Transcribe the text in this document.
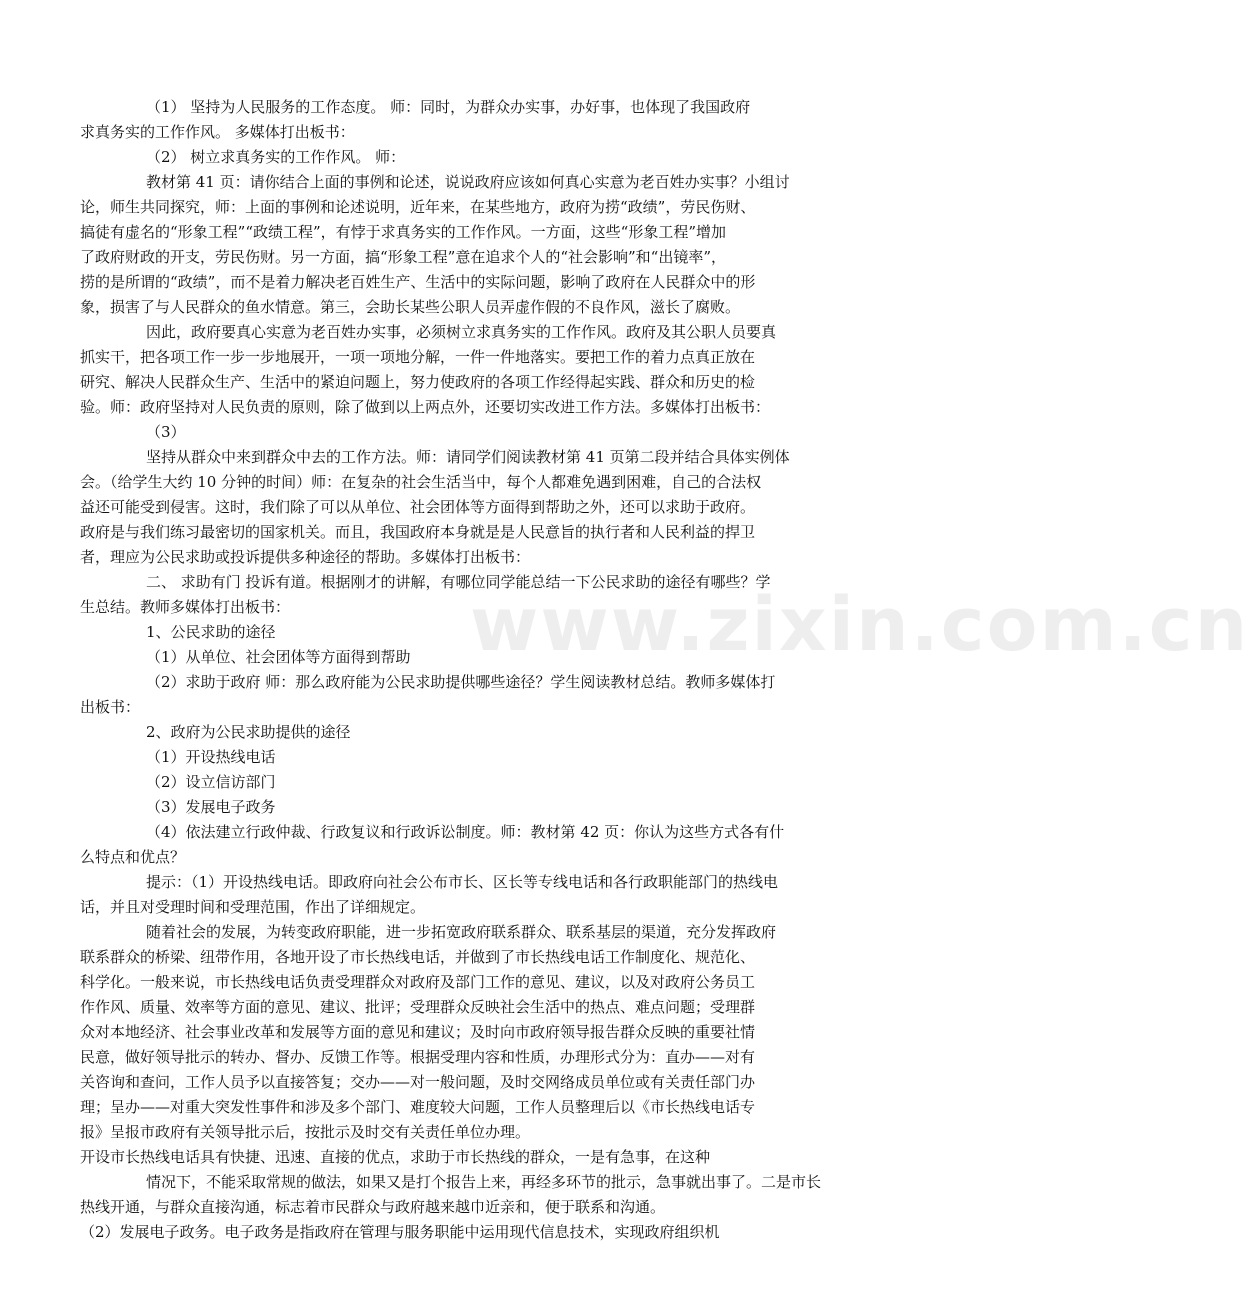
www.zixin.com.cn
（1） 坚持为人民服务的工作态度。 师：同时，为群众办实事，办好事，也体现了我国政府
求真务实的工作作风。 多媒体打出板书：
（2） 树立求真务实的工作作风。 师：
教材第 41 页：请你结合上面的事例和论述，说说政府应该如何真心实意为老百姓办实事？小组讨
论，师生共同探究，师：上面的事例和论述说明，近年来，在某些地方，政府为捞“政绩”，劳民伤财、
搞徒有虚名的“形象工程”“政绩工程”，有悖于求真务实的工作作风。一方面，这些“形象工程”增加
了政府财政的开支，劳民伤财。另一方面，搞“形象工程”意在追求个人的“社会影响”和“出镜率”，
捞的是所谓的“政绩”，而不是着力解决老百姓生产、生活中的实际问题，影响了政府在人民群众中的形
象，损害了与人民群众的鱼水情意。第三，会助长某些公职人员弄虚作假的不良作风，滋长了腐败。
因此，政府要真心实意为老百姓办实事，必须树立求真务实的工作作风。政府及其公职人员要真
抓实干，把各项工作一步一步地展开，一项一项地分解，一件一件地落实。要把工作的着力点真正放在
研究、解决人民群众生产、生活中的紧迫问题上，努力使政府的各项工作经得起实践、群众和历史的检
验。师：政府坚持对人民负责的原则，除了做到以上两点外，还要切实改进工作方法。多媒体打出板书：
（3）
坚持从群众中来到群众中去的工作方法。师：请同学们阅读教材第 41 页第二段并结合具体实例体
会。（给学生大约 10 分钟的时间）师：在复杂的社会生活当中，每个人都难免遇到困难，自己的合法权
益还可能受到侵害。这时，我们除了可以从单位、社会团体等方面得到帮助之外，还可以求助于政府。
政府是与我们练习最密切的国家机关。而且，我国政府本身就是是人民意旨的执行者和人民利益的捍卫
者，理应为公民求助或投诉提供多种途径的帮助。多媒体打出板书：
二、 求助有门 投诉有道。根据刚才的讲解，有哪位同学能总结一下公民求助的途径有哪些？学
生总结。教师多媒体打出板书：
1、公民求助的途径
（1）从单位、社会团体等方面得到帮助
（2）求助于政府 师：那么政府能为公民求助提供哪些途径？学生阅读教材总结。教师多媒体打
出板书：
2、政府为公民求助提供的途径
（1）开设热线电话
（2）设立信访部门
（3）发展电子政务
（4）依法建立行政仲裁、行政复议和行政诉讼制度。师：教材第 42 页：你认为这些方式各有什
么特点和优点？
提示：（1）开设热线电话。即政府向社会公布市长、区长等专线电话和各行政职能部门的热线电
话，并且对受理时间和受理范围，作出了详细规定。
随着社会的发展，为转变政府职能，进一步拓宽政府联系群众、联系基层的渠道，充分发挥政府
联系群众的桥梁、纽带作用，各地开设了市长热线电话，并做到了市长热线电话工作制度化、规范化、
科学化。一般来说，市长热线电话负责受理群众对政府及部门工作的意见、建议，以及对政府公务员工
作作风、质量、效率等方面的意见、建议、批评；受理群众反映社会生活中的热点、难点问题；受理群
众对本地经济、社会事业改革和发展等方面的意见和建议；及时向市政府领导报告群众反映的重要社情
民意，做好领导批示的转办、督办、反馈工作等。根据受理内容和性质，办理形式分为：直办——对有
关咨询和查问，工作人员予以直接答复；交办——对一般问题，及时交网络成员单位或有关责任部门办
理；呈办——对重大突发性事件和涉及多个部门、难度较大问题，工作人员整理后以《市长热线电话专
报》呈报市政府有关领导批示后，按批示及时交有关责任单位办理。
开设市长热线电话具有快捷、迅速、直接的优点，求助于市长热线的群众，一是有急事，在这种
情况下，不能采取常规的做法，如果又是打个报告上来，再经多环节的批示，急事就出事了。二是市长
热线开通，与群众直接沟通，标志着市民群众与政府越来越巾近亲和，便于联系和沟通。
（2）发展电子政务。电子政务是指政府在管理与服务职能中运用现代信息技术，实现政府组织机
